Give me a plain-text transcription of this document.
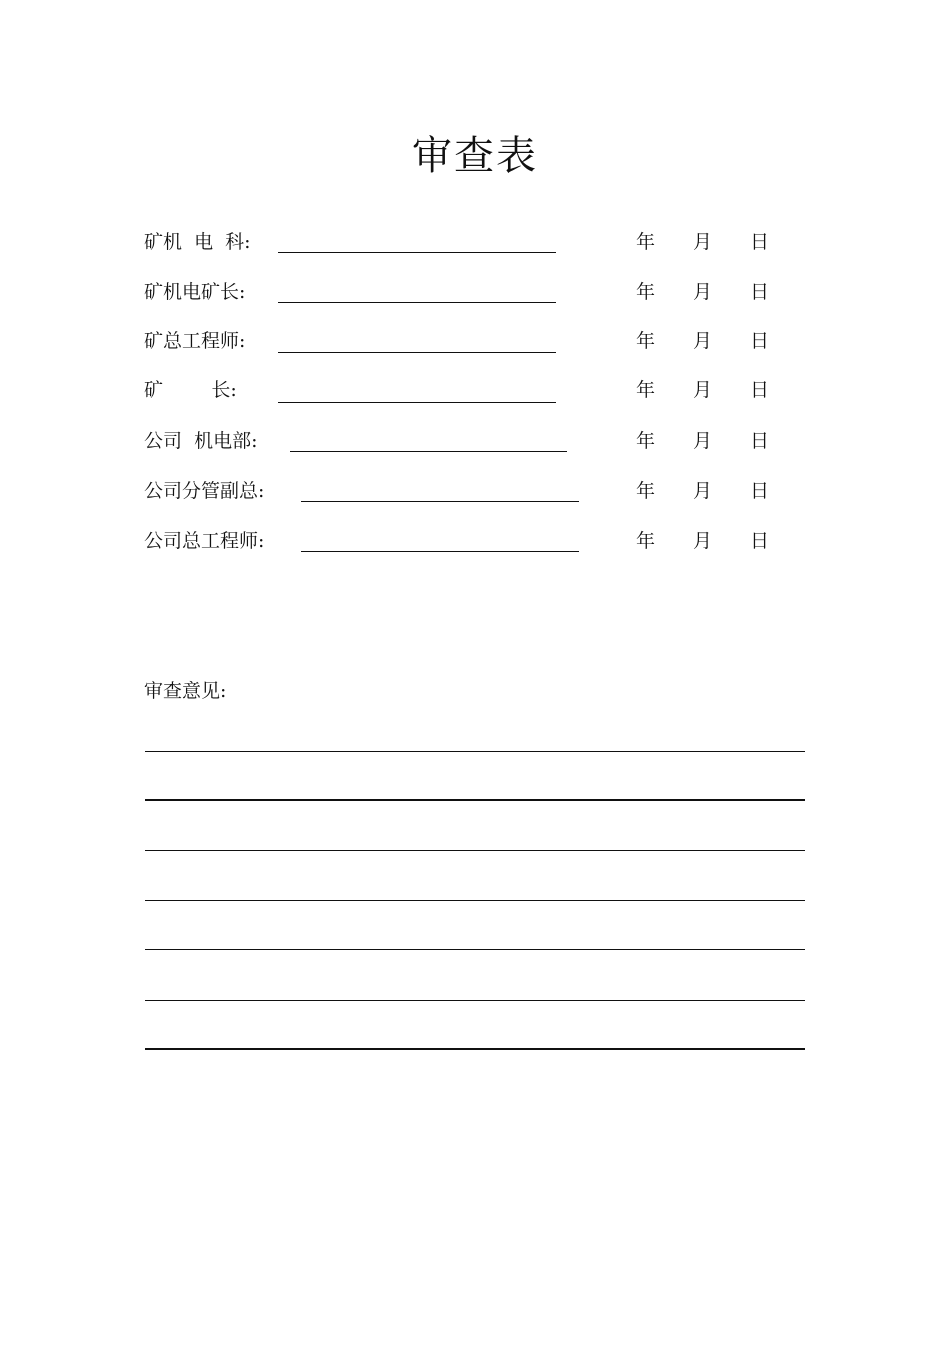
审查表
矿机  电  科:	年 月 日
矿机电矿长:	年 月 日
矿总工程师:	年 月 日
矿        长:	年 月 日
公司  机电部:	年 月 日
公司分管副总:	年 月 日
公司总工程师:	年 月 日
审查意见:
